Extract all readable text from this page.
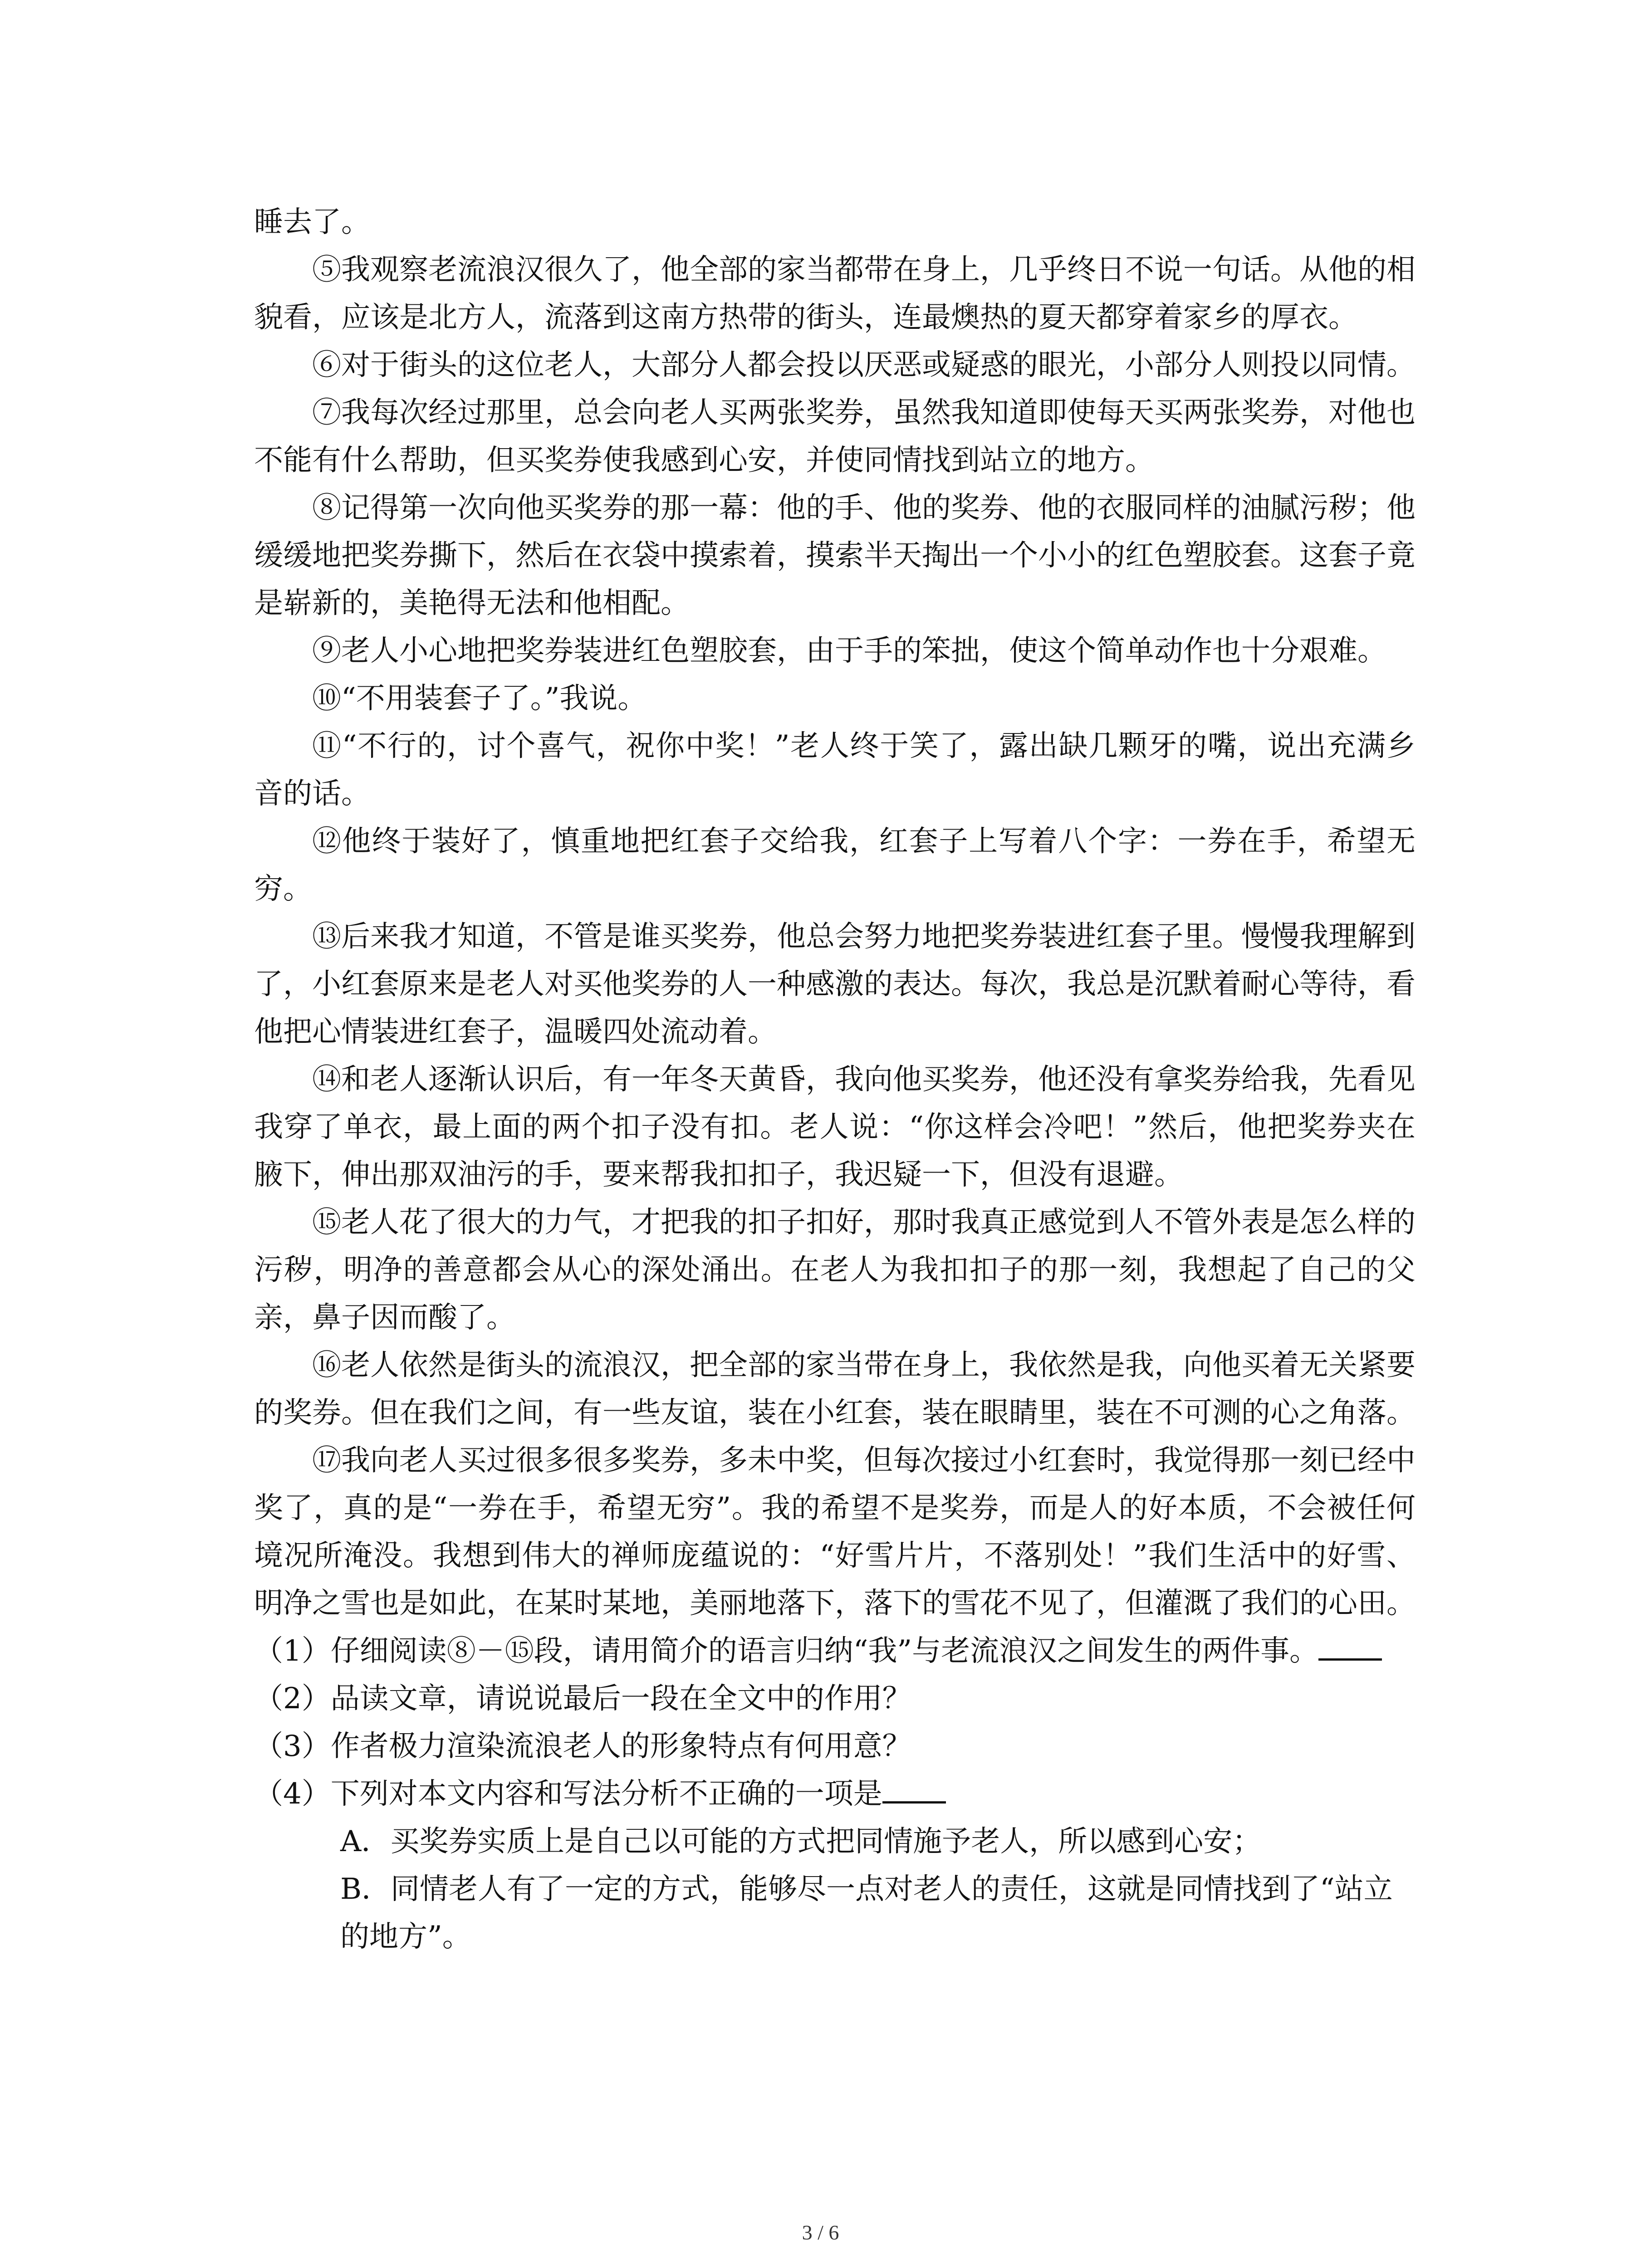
睡去了。

⑤我观察老流浪汉很久了，他全部的家当都带在身上，几乎终日不说一句话。从他的相貌看，应该是北方人，流落到这南方热带的街头，连最燠热的夏天都穿着家乡的厚衣。

⑥对于街头的这位老人，大部分人都会投以厌恶或疑惑的眼光，小部分人则投以同情。

⑦我每次经过那里，总会向老人买两张奖券，虽然我知道即使每天买两张奖券，对他也不能有什么帮助，但买奖券使我感到心安，并使同情找到站立的地方。

⑧记得第一次向他买奖券的那一幕：他的手、他的奖券、他的衣服同样的油腻污秽；他缓缓地把奖券撕下，然后在衣袋中摸索着，摸索半天掏出一个小小的红色塑胶套。这套子竟是崭新的，美艳得无法和他相配。

⑨老人小心地把奖券装进红色塑胶套，由于手的笨拙，使这个简单动作也十分艰难。

⑩“不用装套子了。”我说。

⑪“不行的，讨个喜气，祝你中奖！”老人终于笑了，露出缺几颗牙的嘴，说出充满乡音的话。

⑫他终于装好了，慎重地把红套子交给我，红套子上写着八个字：一券在手，希望无穷。

⑬后来我才知道，不管是谁买奖券，他总会努力地把奖券装进红套子里。慢慢我理解到了，小红套原来是老人对买他奖券的人一种感激的表达。每次，我总是沉默着耐心等待，看他把心情装进红套子，温暖四处流动着。

⑭和老人逐渐认识后，有一年冬天黄昏，我向他买奖券，他还没有拿奖券给我，先看见我穿了单衣，最上面的两个扣子没有扣。老人说：“你这样会冷吧！”然后，他把奖券夹在腋下，伸出那双油污的手，要来帮我扣扣子，我迟疑一下，但没有退避。

⑮老人花了很大的力气，才把我的扣子扣好，那时我真正感觉到人不管外表是怎么样的污秽，明净的善意都会从心的深处涌出。在老人为我扣扣子的那一刻，我想起了自己的父亲，鼻子因而酸了。

⑯老人依然是街头的流浪汉，把全部的家当带在身上，我依然是我，向他买着无关紧要的奖券。但在我们之间，有一些友谊，装在小红套，装在眼睛里，装在不可测的心之角落。

⑰我向老人买过很多很多奖券，多未中奖，但每次接过小红套时，我觉得那一刻已经中奖了，真的是“一券在手，希望无穷”。我的希望不是奖券，而是人的好本质，不会被任何境况所淹没。我想到伟大的禅师庞蕴说的：“好雪片片，不落别处！”我们生活中的好雪、明净之雪也是如此，在某时某地，美丽地落下，落下的雪花不见了，但灌溉了我们的心田。

（1）仔细阅读⑧－⑮段，请用简介的语言归纳“我”与老流浪汉之间发生的两件事。

（2）品读文章，请说说最后一段在全文中的作用？

（3）作者极力渲染流浪老人的形象特点有何用意？

（4）下列对本文内容和写法分析不正确的一项是

A．买奖券实质上是自己以可能的方式把同情施予老人，所以感到心安；

B．同情老人有了一定的方式，能够尽一点对老人的责任，这就是同情找到了“站立的地方”。

3 / 6
